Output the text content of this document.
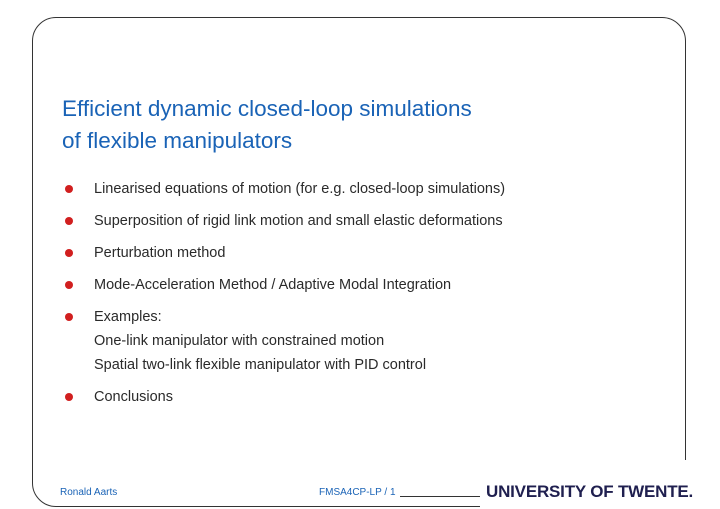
Efficient dynamic closed-loop simulations
of flexible manipulators
Linearised equations of motion (for e.g. closed-loop simulations)
Superposition of rigid link motion and small elastic deformations
Perturbation method
Mode-Acceleration Method / Adaptive Modal Integration
Examples:
One-link manipulator with constrained motion
Spatial two-link flexible manipulator with PID control
Conclusions
Ronald Aarts	FMSA4CP-LP / 1	UNIVERSITY OF TWENTE.
